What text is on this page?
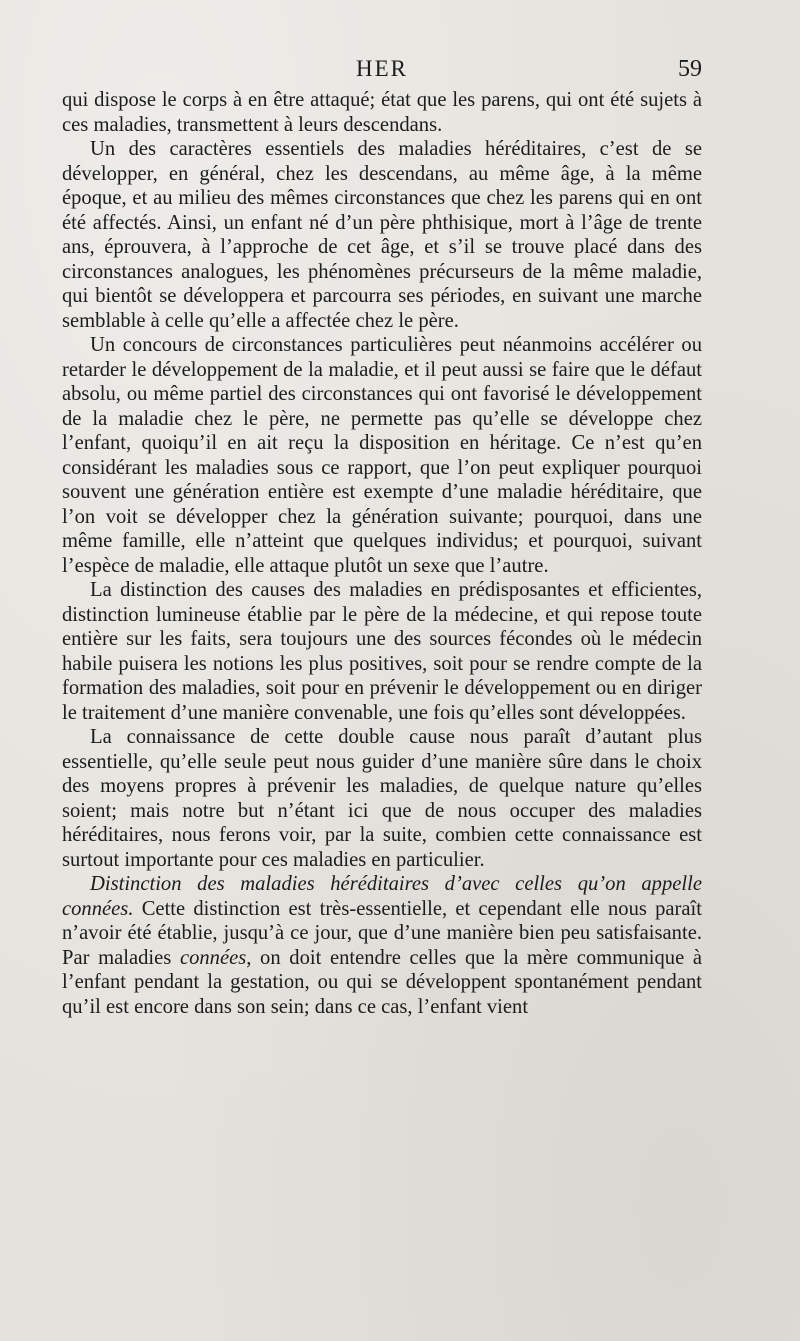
HER	59

qui dispose le corps à en être attaqué; état que les parens, qui ont été sujets à ces maladies, transmettent à leurs descendans.

Un des caractères essentiels des maladies héréditaires, c’est de se développer, en général, chez les descendans, au même âge, à la même époque, et au milieu des mêmes circonstances que chez les parens qui en ont été affectés. Ainsi, un enfant né d’un père phthisique, mort à l’âge de trente ans, éprouvera, à l’approche de cet âge, et s’il se trouve placé dans des circonstances analogues, les phénomènes précurseurs de la même maladie, qui bientôt se développera et parcourra ses périodes, en suivant une marche semblable à celle qu’elle a affectée chez le père.

Un concours de circonstances particulières peut néanmoins accélérer ou retarder le développement de la maladie, et il peut aussi se faire que le défaut absolu, ou même partiel des circonstances qui ont favorisé le développement de la maladie chez le père, ne permette pas qu’elle se développe chez l’enfant, quoiqu’il en ait reçu la disposition en héritage. Ce n’est qu’en considérant les maladies sous ce rapport, que l’on peut expliquer pourquoi souvent une génération entière est exempte d’une maladie héréditaire, que l’on voit se développer chez la génération suivante; pourquoi, dans une même famille, elle n’atteint que quelques individus; et pourquoi, suivant l’espèce de maladie, elle attaque plutôt un sexe que l’autre.

La distinction des causes des maladies en prédisposantes et efficientes, distinction lumineuse établie par le père de la médecine, et qui repose toute entière sur les faits, sera toujours une des sources fécondes où le médecin habile puisera les notions les plus positives, soit pour se rendre compte de la formation des maladies, soit pour en prévenir le développement ou en diriger le traitement d’une manière convenable, une fois qu’elles sont développées.

La connaissance de cette double cause nous paraît d’autant plus essentielle, qu’elle seule peut nous guider d’une manière sûre dans le choix des moyens propres à prévenir les maladies, de quelque nature qu’elles soient; mais notre but n’étant ici que de nous occuper des maladies héréditaires, nous ferons voir, par la suite, combien cette connaissance est surtout importante pour ces maladies en particulier.

Distinction des maladies héréditaires d’avec celles qu’on appelle connées. Cette distinction est très-essentielle, et cependant elle nous paraît n’avoir été établie, jusqu’à ce jour, que d’une manière bien peu satisfaisante. Par maladies connées, on doit entendre celles que la mère communique à l’enfant pendant la gestation, ou qui se développent spontanément pendant qu’il est encore dans son sein; dans ce cas, l’enfant vient
